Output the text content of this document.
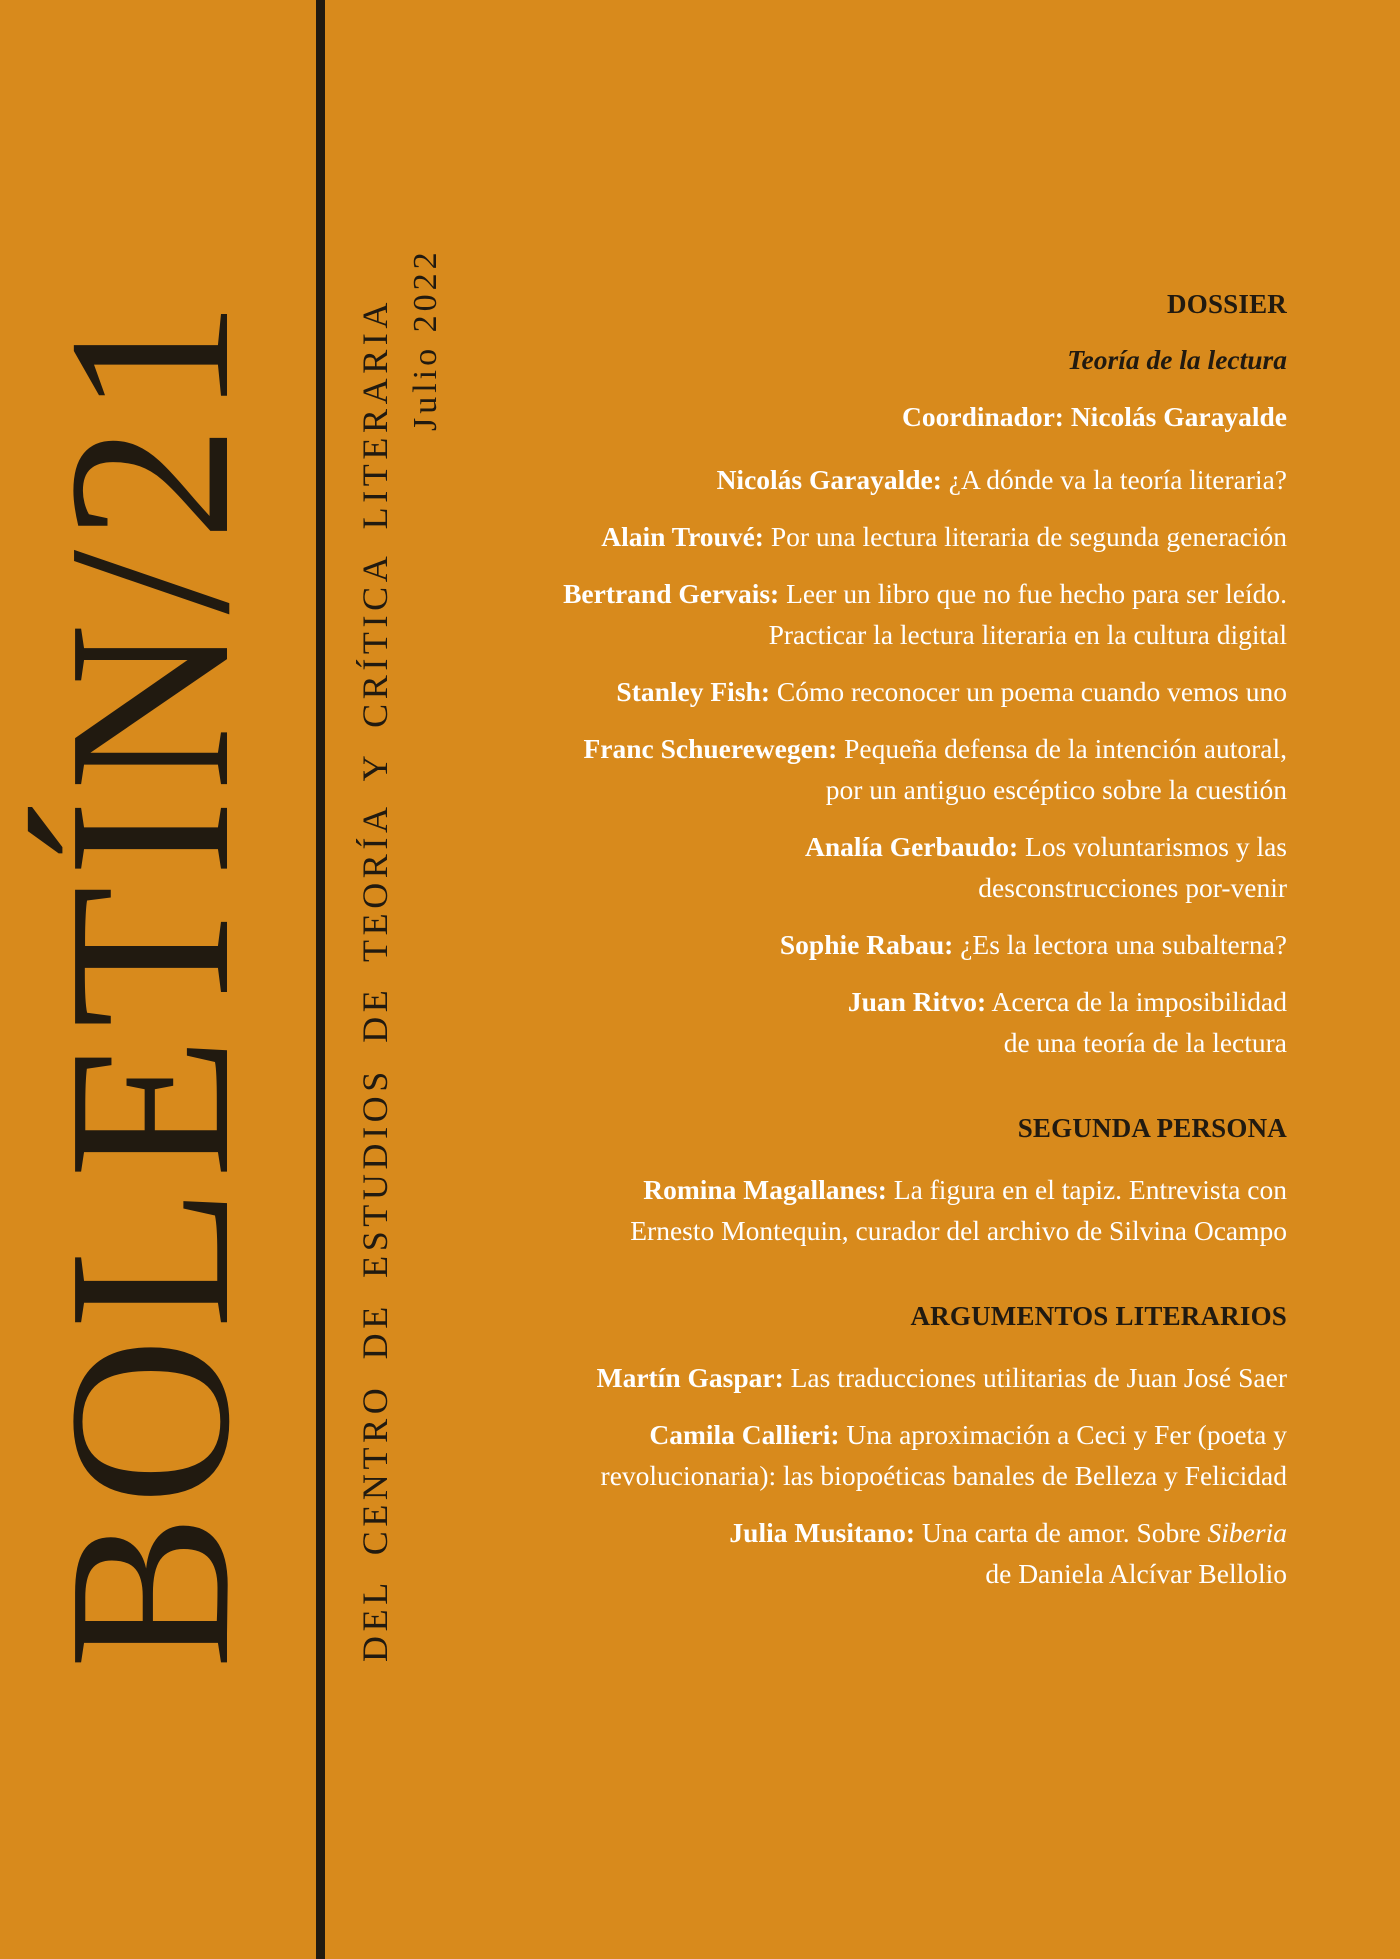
B
O
L
E
T
Í
N
/
2
1 DEL CENTRO DE ESTUDIOS DE TEORÍA Y CRÍTICA LITERARIA Julio 2022	DOSSIER
Teoría de la lectura
Coordinador: Nicolás Garayalde
Nicolás Garayalde: ¿A dónde va la teoría literaria?
Alain Trouvé: Por una lectura literaria de segunda generación
Bertrand Gervais: Leer un libro que no fue hecho para ser leído.
Practicar la lectura literaria en la cultura digital
Stanley Fish: Cómo reconocer un poema cuando vemos uno
Franc Schuerewegen: Pequeña defensa de la intención autoral,
por un antiguo escéptico sobre la cuestión
Analía Gerbaudo: Los voluntarismos y las
desconstrucciones por-venir
Sophie Rabau: ¿Es la lectora una subalterna?
Juan Ritvo: Acerca de la imposibilidad
de una teoría de la lectura
SEGUNDA PERSONA
Romina Magallanes: La figura en el tapiz. Entrevista con
Ernesto Montequin, curador del archivo de Silvina Ocampo
ARGUMENTOS LITERARIOS
Martín Gaspar: Las traducciones utilitarias de Juan José Saer
Camila Callieri: Una aproximación a Ceci y Fer (poeta y
revolucionaria): las biopoéticas banales de Belleza y Felicidad
Julia Musitano: Una carta de amor. Sobre Siberia
de Daniela Alcívar Bellolio
